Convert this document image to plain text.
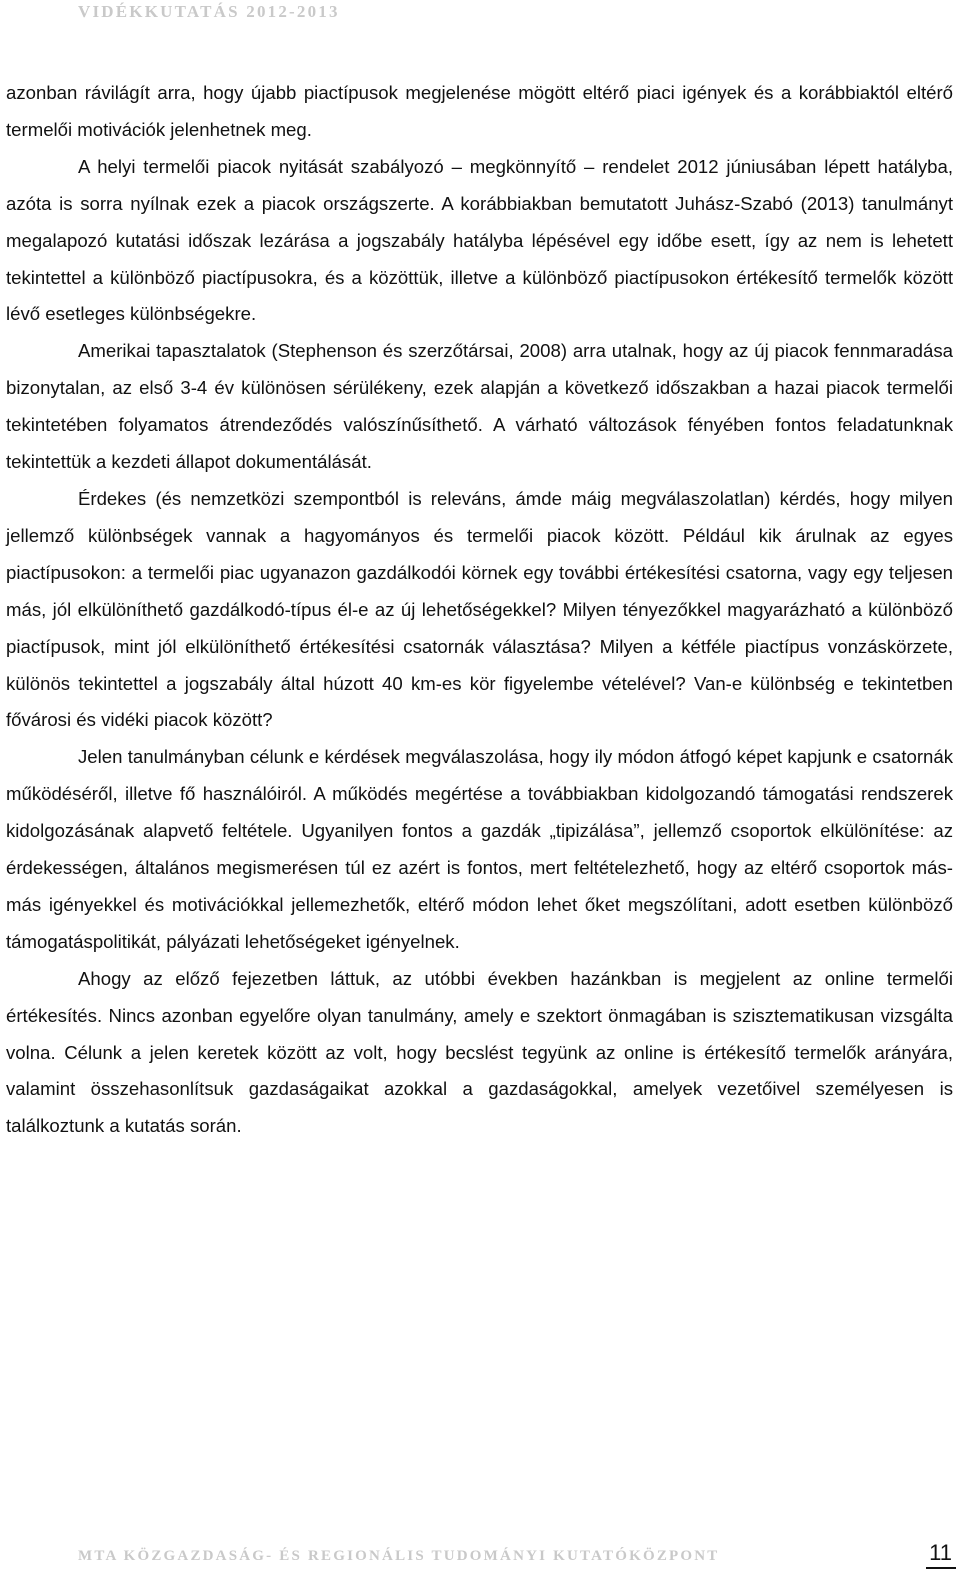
VIDÉKKUTATÁS 2012-2013

azonban rávilágít arra, hogy újabb piactípusok megjelenése mögött eltérő piaci igények és a korábbiaktól eltérő termelői motivációk jelenhetnek meg.

A helyi termelői piacok nyitását szabályozó – megkönnyítő – rendelet 2012 júniusában lépett hatályba, azóta is sorra nyílnak ezek a piacok országszerte. A korábbiakban bemutatott Juhász-Szabó (2013) tanulmányt megalapozó kutatási időszak lezárása a jogszabály hatályba lépésével egy időbe esett, így az nem is lehetett tekintettel a különböző piactípusokra, és a közöttük, illetve a különböző piactípusokon értékesítő termelők között lévő esetleges különbségekre.

Amerikai tapasztalatok (Stephenson és szerzőtársai, 2008) arra utalnak, hogy az új piacok fennmaradása bizonytalan, az első 3-4 év különösen sérülékeny, ezek alapján a következő időszakban a hazai piacok termelői tekintetében folyamatos átrendeződés valószínűsíthető. A várható változások fényében fontos feladatunknak tekintettük a kezdeti állapot dokumentálását.

Érdekes (és nemzetközi szempontból is releváns, ámde máig megválaszolatlan) kérdés, hogy milyen jellemző különbségek vannak a hagyományos és termelői piacok között. Például kik árulnak az egyes piactípusokon: a termelői piac ugyanazon gazdálkodói körnek egy további értékesítési csatorna, vagy egy teljesen más, jól elkülöníthető gazdálkodó-típus él-e az új lehetőségekkel? Milyen tényezőkkel magyarázható a különböző piactípusok, mint jól elkülöníthető értékesítési csatornák választása? Milyen a kétféle piactípus vonzáskörzete, különös tekintettel a jogszabály által húzott 40 km-es kör figyelembe vételével? Van-e különbség e tekintetben fővárosi és vidéki piacok között?

Jelen tanulmányban célunk e kérdések megválaszolása, hogy ily módon átfogó képet kapjunk e csatornák működéséről, illetve fő használóiról. A működés megértése a továbbiakban kidolgozandó támogatási rendszerek kidolgozásának alapvető feltétele. Ugyanilyen fontos a gazdák „tipizálása”, jellemző csoportok elkülönítése: az érdekességen, általános megismerésen túl ez azért is fontos, mert feltételezhető, hogy az eltérő csoportok más-más igényekkel és motivációkkal jellemezhetők, eltérő módon lehet őket megszólítani, adott esetben különböző támogatáspolitikát, pályázati lehetőségeket igényelnek.

Ahogy az előző fejezetben láttuk, az utóbbi években hazánkban is megjelent az online termelői értékesítés. Nincs azonban egyelőre olyan tanulmány, amely e szektort önmagában is szisztematikusan vizsgálta volna. Célunk a jelen keretek között az volt, hogy becslést tegyünk az online is értékesítő termelők arányára, valamint összehasonlítsuk gazdaságaikat azokkal a gazdaságokkal, amelyek vezetőivel személyesen is találkoztunk a kutatás során.

MTA KÖZGAZDASÁG- ÉS REGIONÁLIS TUDOMÁNYI KUTATÓKÖZPONT	11
